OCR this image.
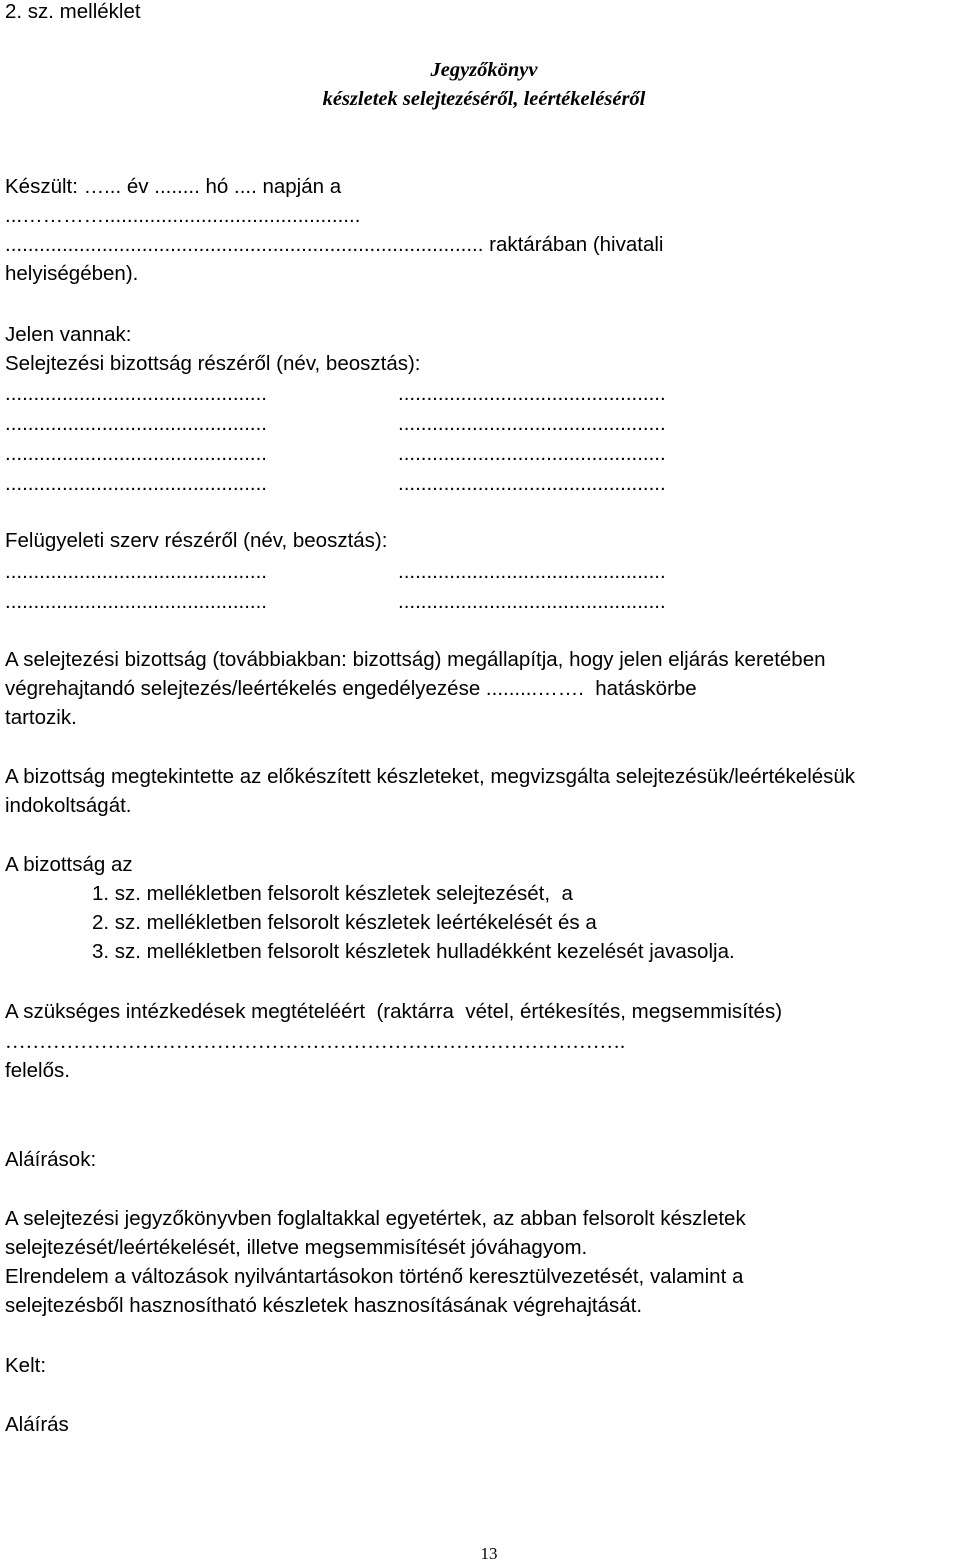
2. sz. melléklet
Jegyzőkönyv
készletek selejtezéséről, leértékeléséről
Készült: …... év ........ hó .... napján a
...………….............................................
.................................................................................... raktárában (hivatali
helyiségében).
Jelen vannak:
Selejtezési bizottság részéről (név, beosztás):
..............................................	...............................................
..............................................	...............................................
..............................................	...............................................
..............................................	...............................................
Felügyeleti szerv részéről (név, beosztás):
..............................................	...............................................
..............................................	...............................................
A selejtezési bizottság (továbbiakban: bizottság) megállapítja, hogy jelen eljárás keretében
végrehajtandó selejtezés/leértékelés engedélyezése .........…….  hatáskörbe
tartozik.
A bizottság megtekintette az előkészített készleteket, megvizsgálta selejtezésük/leértékelésük
indokoltságát.
A bizottság az
1. sz. mellékletben felsorolt készletek selejtezését,  a
2. sz. mellékletben felsorolt készletek leértékelését és a
3. sz. mellékletben felsorolt készletek hulladékként kezelését javasolja.
A szükséges intézkedések megtételéért  (raktárra  vétel, értékesítés, megsemmisítés)
……………………………………………………………………………….
felelős.
Aláírások:
A selejtezési jegyzőkönyvben foglaltakkal egyetértek, az abban felsorolt készletek
selejtezését/leértékelését, illetve megsemmisítését jóváhagyom.
Elrendelem a változások nyilvántartásokon történő keresztülvezetését, valamint a
selejtezésből hasznosítható készletek hasznosításának végrehajtását.
Kelt:
Aláírás
13
